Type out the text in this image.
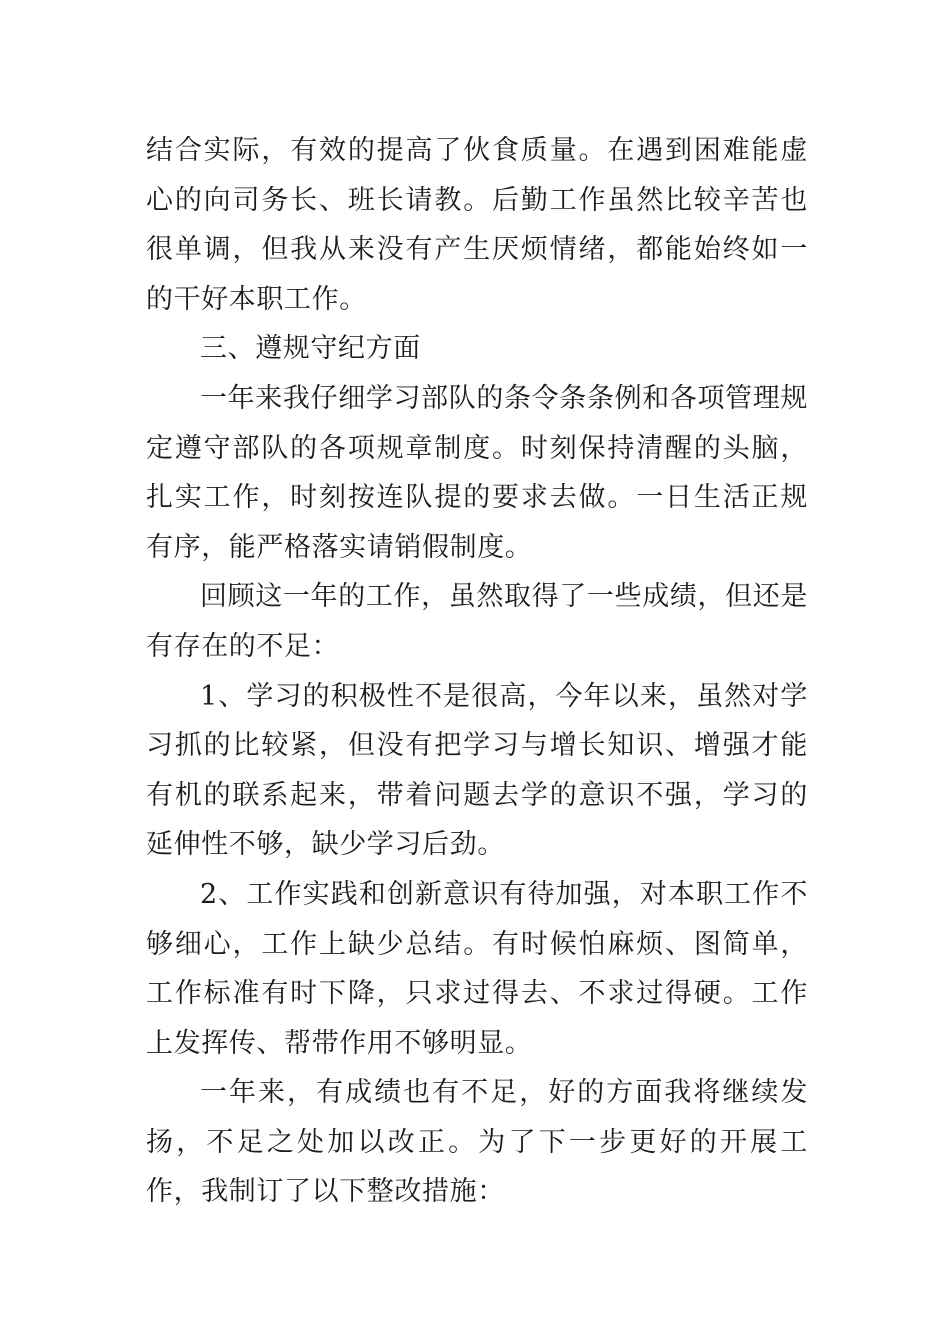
结合实际，有效的提高了伙食质量。在遇到困难能虚心的向司务长、班长请教。后勤工作虽然比较辛苦也很单调，但我从来没有产生厌烦情绪，都能始终如一的干好本职工作。

三、遵规守纪方面

一年来我仔细学习部队的条令条条例和各项管理规定遵守部队的各项规章制度。时刻保持清醒的头脑，扎实工作，时刻按连队提的要求去做。一日生活正规有序，能严格落实请销假制度。

回顾这一年的工作，虽然取得了一些成绩，但还是有存在的不足：

1、学习的积极性不是很高，今年以来，虽然对学习抓的比较紧，但没有把学习与增长知识、增强才能有机的联系起来，带着问题去学的意识不强，学习的延伸性不够，缺少学习后劲。

2、工作实践和创新意识有待加强，对本职工作不够细心，工作上缺少总结。有时候怕麻烦、图简单，工作标准有时下降，只求过得去、不求过得硬。工作上发挥传、帮带作用不够明显。

一年来，有成绩也有不足，好的方面我将继续发扬，不足之处加以改正。为了下一步更好的开展工作，我制订了以下整改措施：
